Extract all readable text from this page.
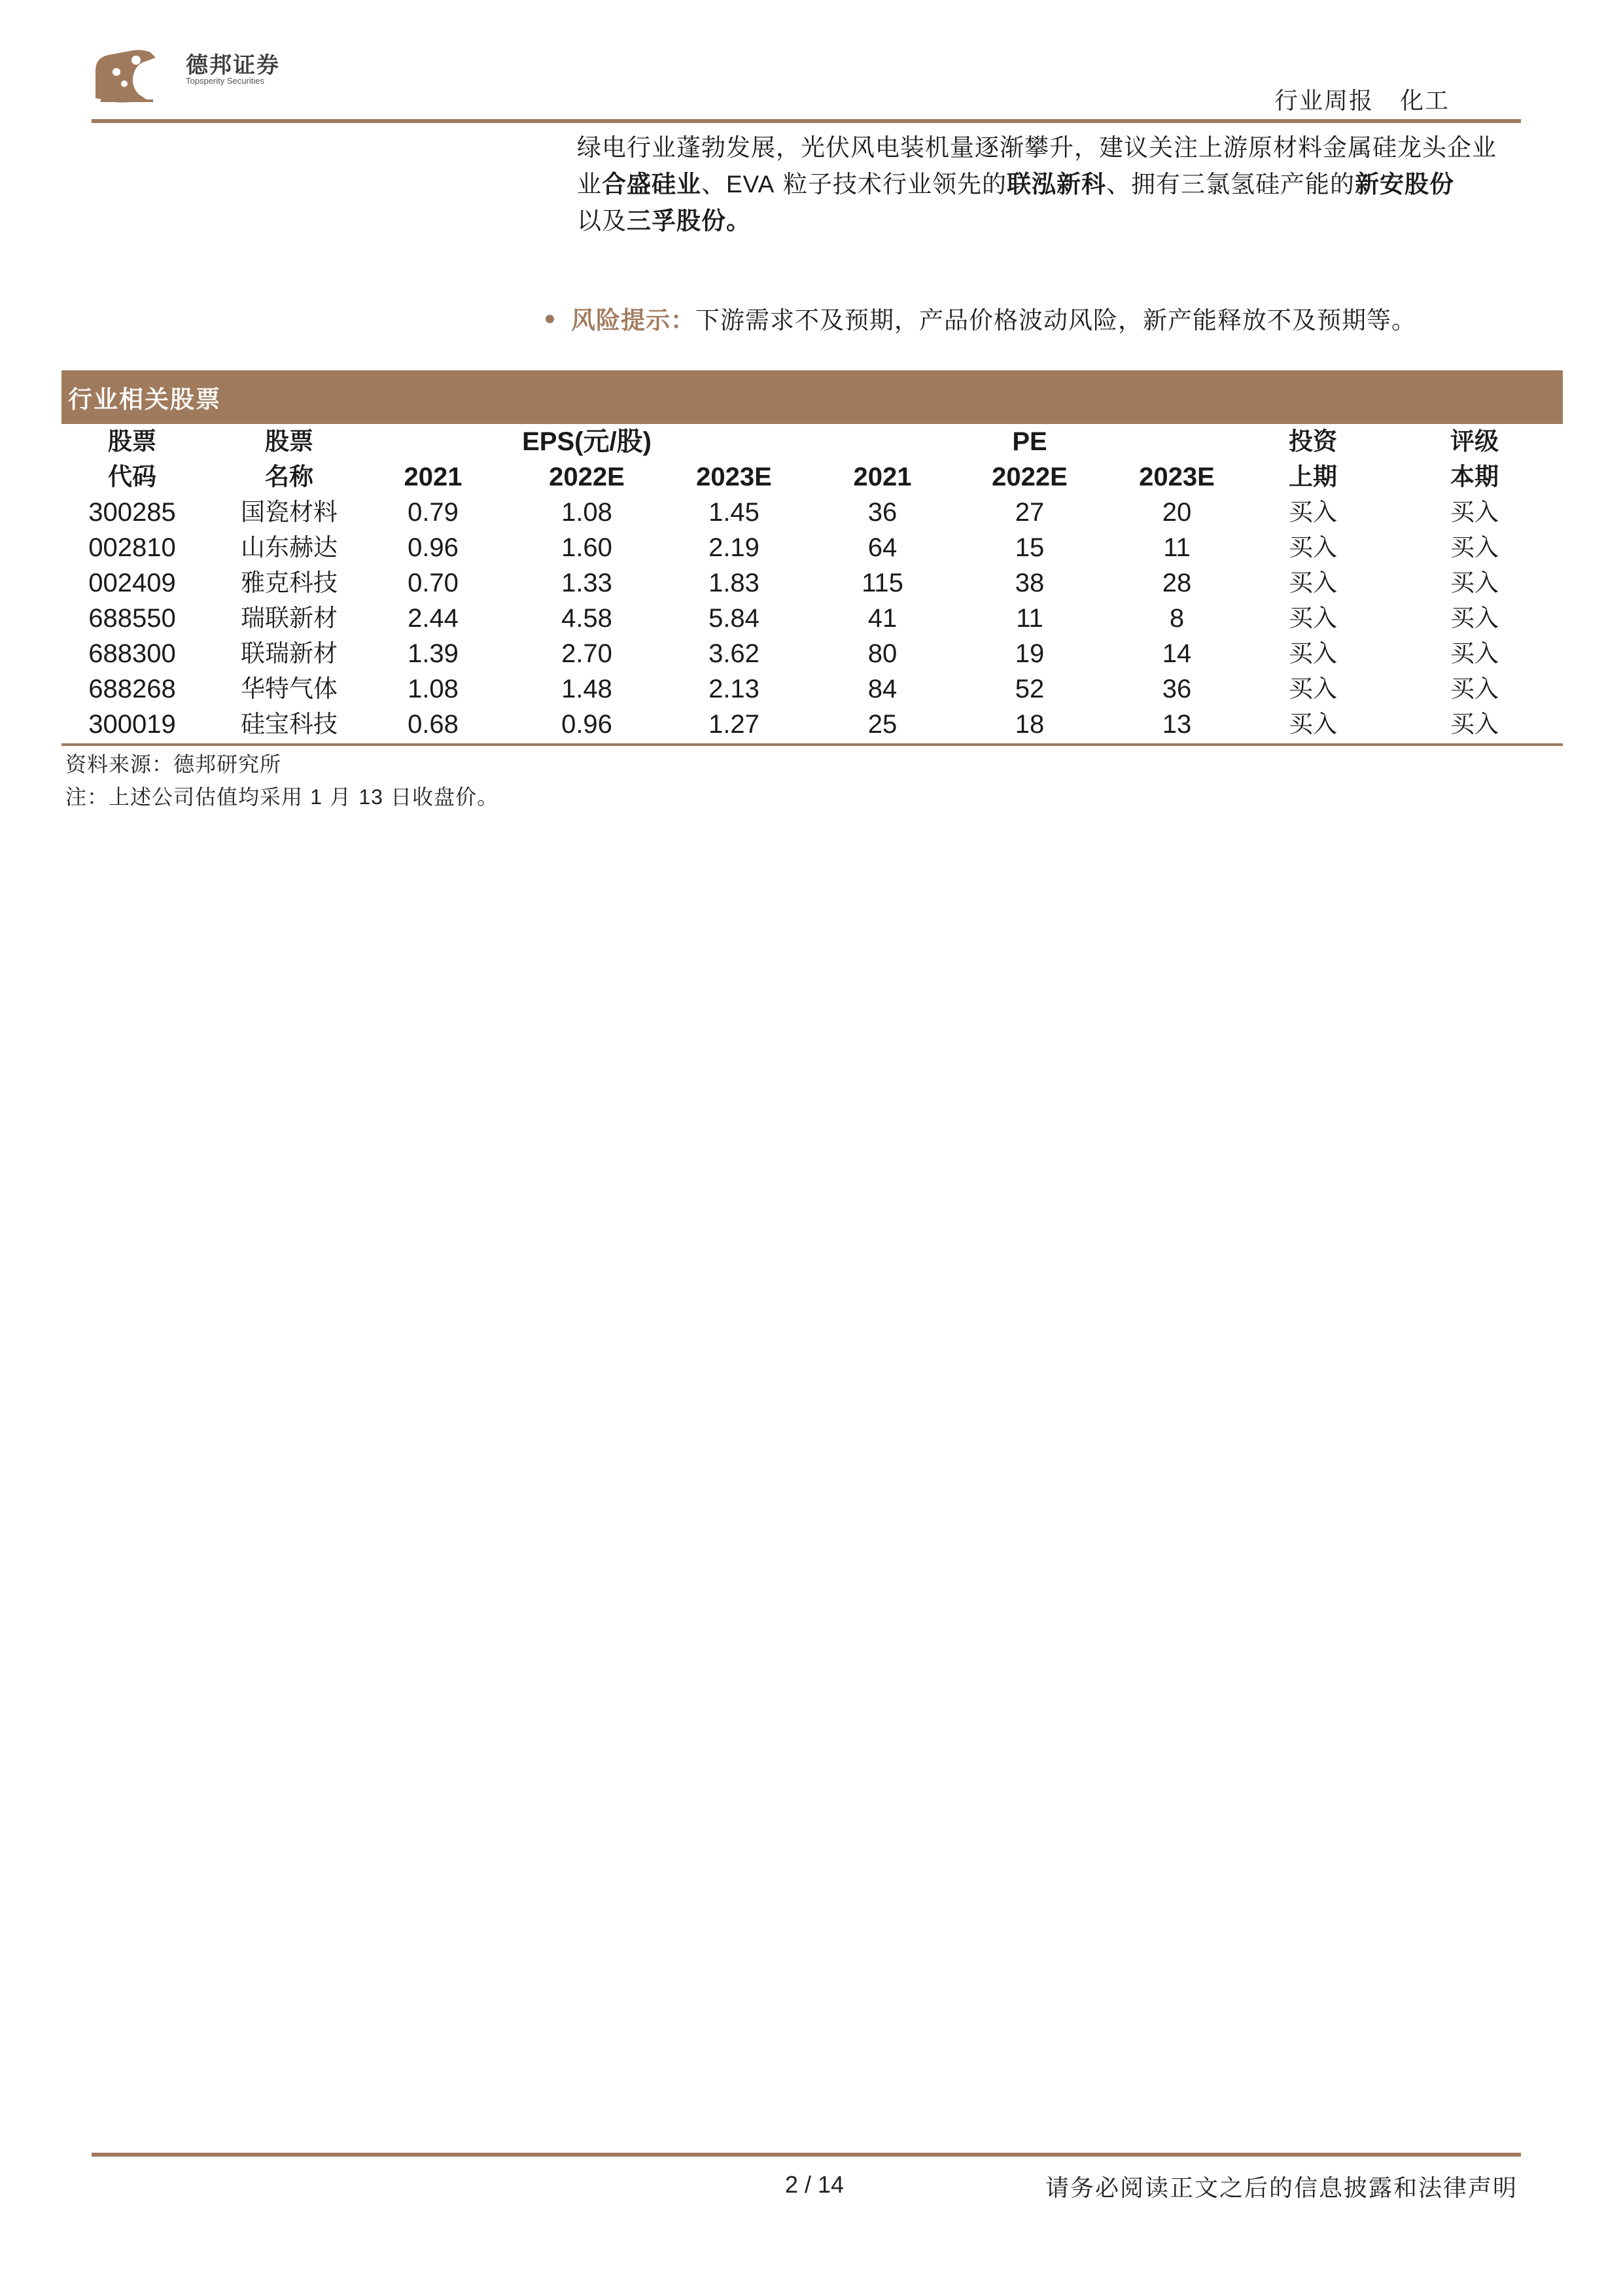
德邦证券
Topsperity Securities
行业周报 化工
绿电行业蓬勃发展，光伏风电装机量逐渐攀升，建议关注上游原材料金属硅龙头企业
业合盛硅业、EVA 粒子技术行业领先的联泓新科、拥有三氯氢硅产能的新安股份
以及三孚股份。
风险提示：下游需求不及预期，产品价格波动风险，新产能释放不及预期等。
行业相关股票
股票	股票	EPS(元/股)	PE	投资	评级
代码	名称	2021	2022E	2023E	2021	2022E	2023E	上期	本期
300285	国瓷材料	0.79	1.08	1.45	36	27	20	买入	买入
002810	山东赫达	0.96	1.60	2.19	64	15	11	买入	买入
002409	雅克科技	0.70	1.33	1.83	115	38	28	买入	买入
688550	瑞联新材	2.44	4.58	5.84	41	11	8	买入	买入
688300	联瑞新材	1.39	2.70	3.62	80	19	14	买入	买入
688268	华特气体	1.08	1.48	2.13	84	52	36	买入	买入
300019	硅宝科技	0.68	0.96	1.27	25	18	13	买入	买入
资料来源：德邦研究所
注：上述公司估值均采用 1 月 13 日收盘价。
2 / 14	请务必阅读正文之后的信息披露和法律声明
